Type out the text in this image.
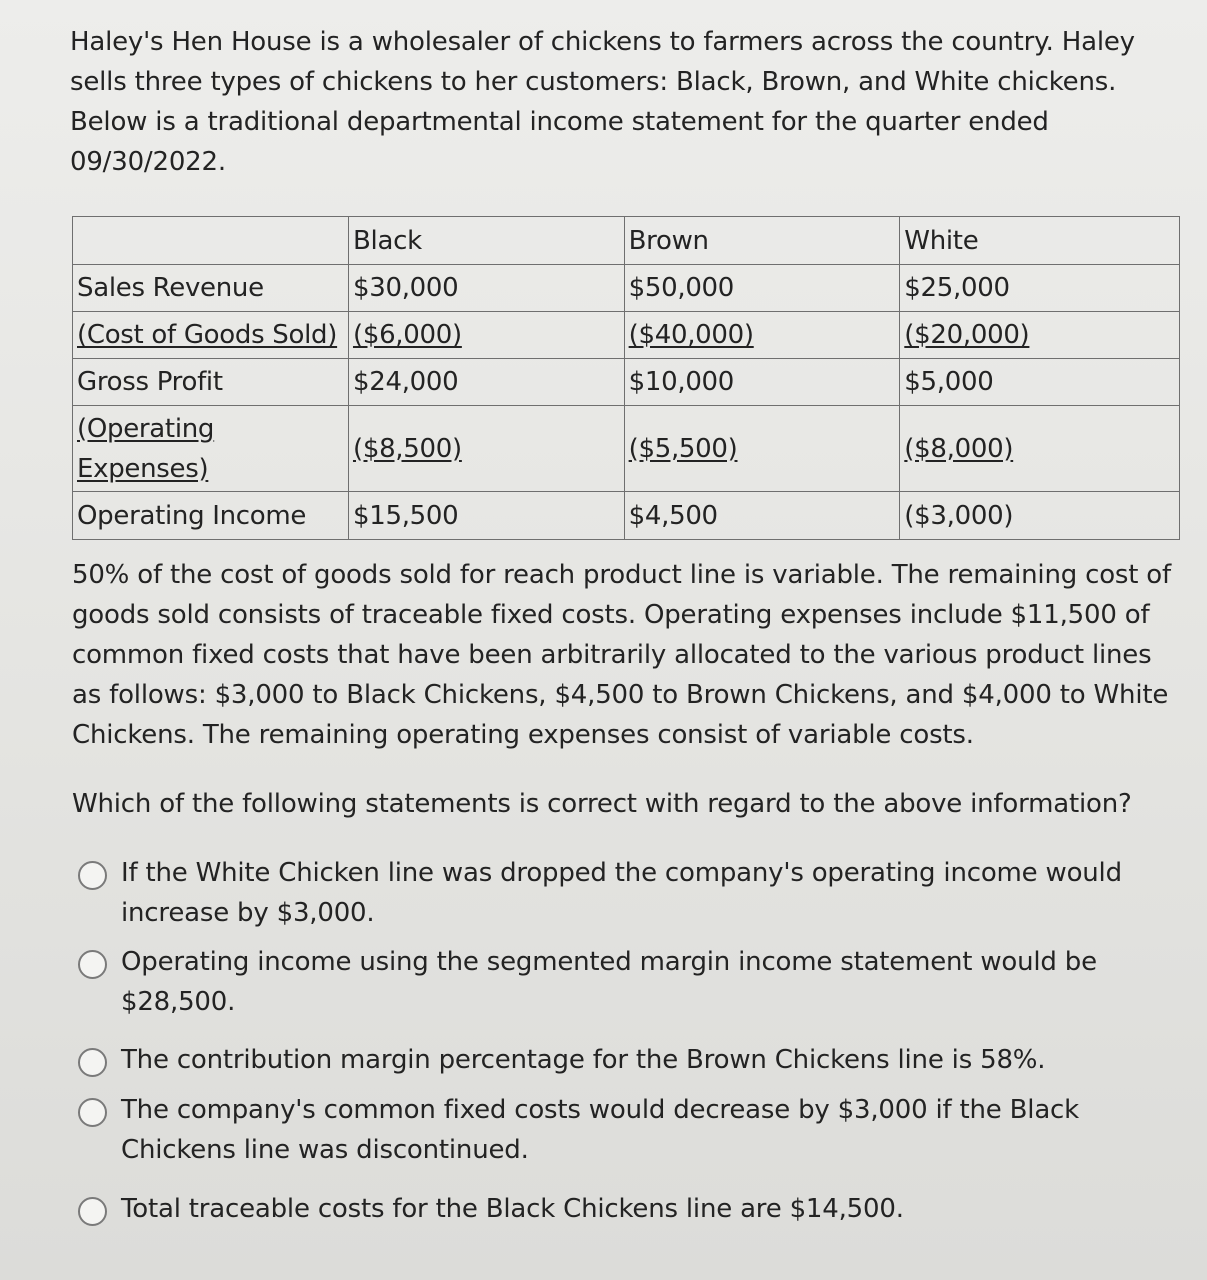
Haley's Hen House is a wholesaler of chickens to farmers across the country. Haley sells three types of chickens to her customers: Black, Brown, and White chickens. Below is a traditional departmental income statement for the quarter ended 09/30/2022.

	Black	Brown	White
Sales Revenue	$30,000	$50,000	$25,000
(Cost of Goods Sold)	($6,000)	($40,000)	($20,000)
Gross Profit	$24,000	$10,000	$5,000
(Operating Expenses)	($8,500)	($5,500)	($8,000)
Operating Income	$15,500	$4,500	($3,000)

50% of the cost of goods sold for reach product line is variable. The remaining cost of goods sold consists of traceable fixed costs. Operating expenses include $11,500 of common fixed costs that have been arbitrarily allocated to the various product lines as follows: $3,000 to Black Chickens, $4,500 to Brown Chickens, and $4,000 to White Chickens. The remaining operating expenses consist of variable costs.

Which of the following statements is correct with regard to the above information?

If the White Chicken line was dropped the company's operating income would increase by $3,000.
Operating income using the segmented margin income statement would be $28,500.
The contribution margin percentage for the Brown Chickens line is 58%.
The company's common fixed costs would decrease by $3,000 if the Black Chickens line was discontinued.
Total traceable costs for the Black Chickens line are $14,500.
